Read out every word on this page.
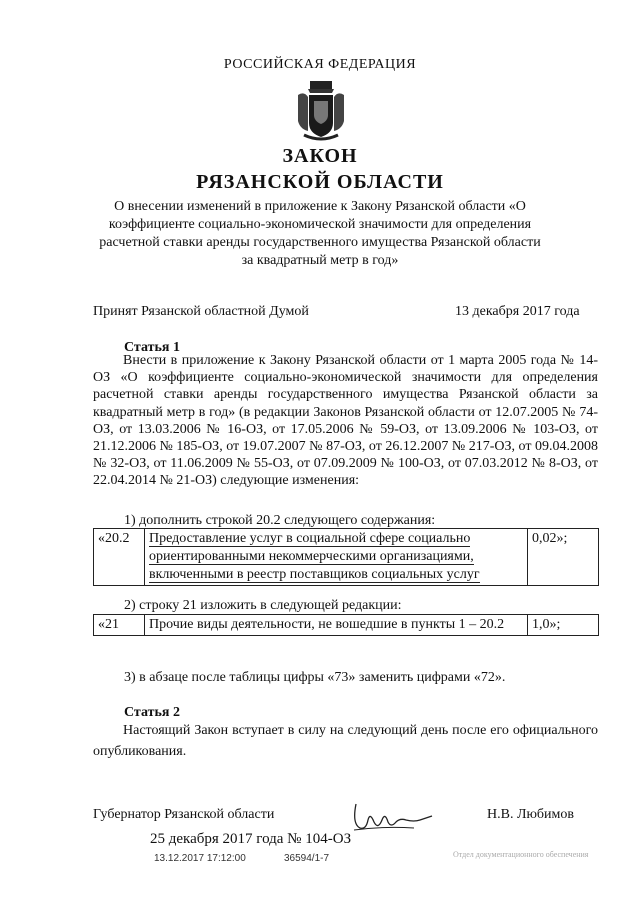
РОССИЙСКАЯ ФЕДЕРАЦИЯ
ЗАКОН
РЯЗАНСКОЙ ОБЛАСТИ
О внесении изменений в приложение к Закону Рязанской области «О коэффициенте социально-экономической значимости для определения расчетной ставки аренды государственного имущества Рязанской области за квадратный метр в год»
Принят Рязанской областной Думой	13 декабря 2017 года
Статья 1
Внести в приложение к Закону Рязанской области от 1 марта 2005 года № 14-ОЗ «О коэффициенте социально-экономической значимости для определения расчетной ставки аренды государственного имущества Рязанской области за квадратный метр в год» (в редакции Законов Рязанской области от 12.07.2005 № 74-ОЗ, от 13.03.2006 № 16-ОЗ, от 17.05.2006 № 59-ОЗ, от 13.09.2006 № 103-ОЗ, от 21.12.2006 № 185-ОЗ, от 19.07.2007 № 87-ОЗ, от 26.12.2007 № 217-ОЗ, от 09.04.2008 № 32-ОЗ, от 11.06.2009 № 55-ОЗ, от 07.09.2009 № 100-ОЗ, от 07.03.2012 № 8-ОЗ, от 22.04.2014 № 21-ОЗ) следующие изменения:
1) дополнить строкой 20.2 следующего содержания:
«20.2	Предоставление услуг в социальной сфере социально ориентированными некоммерческими организациями, включенными в реестр поставщиков социальных услуг	0,02»;
2) строку 21 изложить в следующей редакции:
«21	Прочие виды деятельности, не вошедшие в пункты 1 – 20.2	1,0»;
3) в абзаце после таблицы цифры «73» заменить цифрами «72».
Статья 2
Настоящий Закон вступает в силу на следующий день после его официального опубликования.
Губернатор Рязанской области	Н.В. Любимов
25 декабря 2017 года № 104-ОЗ
13.12.2017 17:12:00	36594/1-7	Отдел документационного обеспечения
